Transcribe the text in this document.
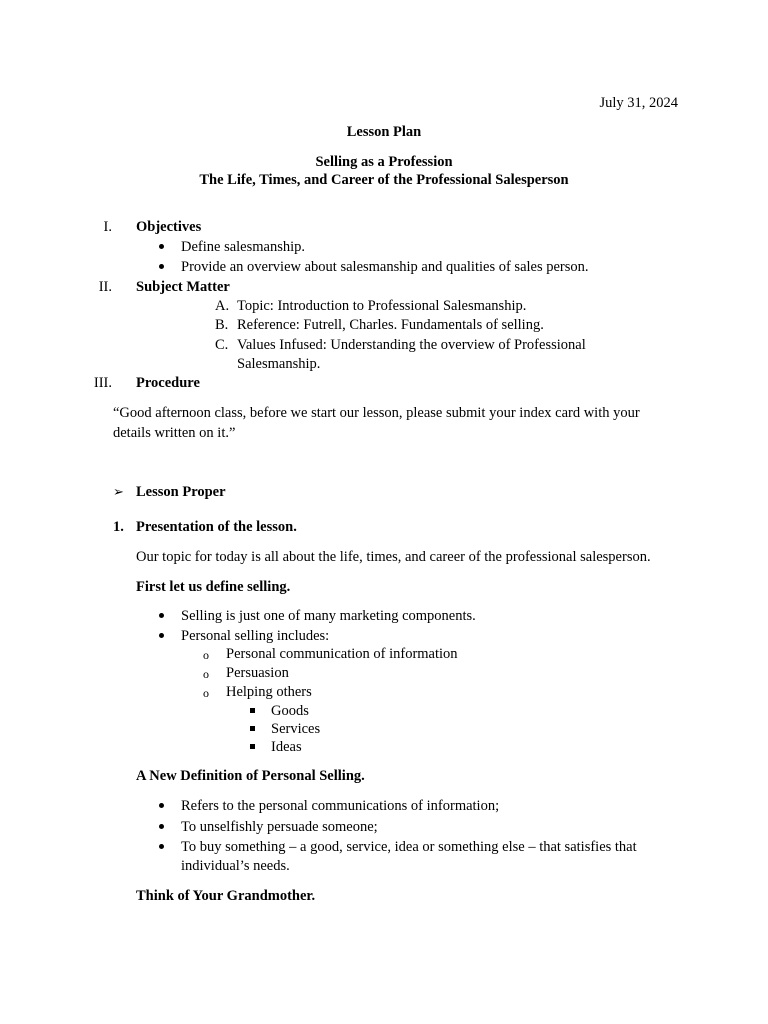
July 31, 2024
Lesson Plan
Selling as a Profession
The Life, Times, and Career of the Professional Salesperson
I. Objectives
Define salesmanship.
Provide an overview about salesmanship and qualities of sales person.
II. Subject Matter
A. Topic: Introduction to Professional Salesmanship.
B. Reference: Futrell, Charles. Fundamentals of selling.
C. Values Infused: Understanding the overview of Professional
Salesmanship.
III. Procedure
“Good afternoon class, before we start our lesson, please submit your index card with your
details written on it.”
➢ Lesson Proper
1. Presentation of the lesson.
Our topic for today is all about the life, times, and career of the professional salesperson.
First let us define selling.
Selling is just one of many marketing components.
Personal selling includes:
o Personal communication of information
o Persuasion
o Helping others
Goods
Services
Ideas
A New Definition of Personal Selling.
Refers to the personal communications of information;
To unselfishly persuade someone;
To buy something – a good, service, idea or something else – that satisfies that
individual’s needs.
Think of Your Grandmother.
